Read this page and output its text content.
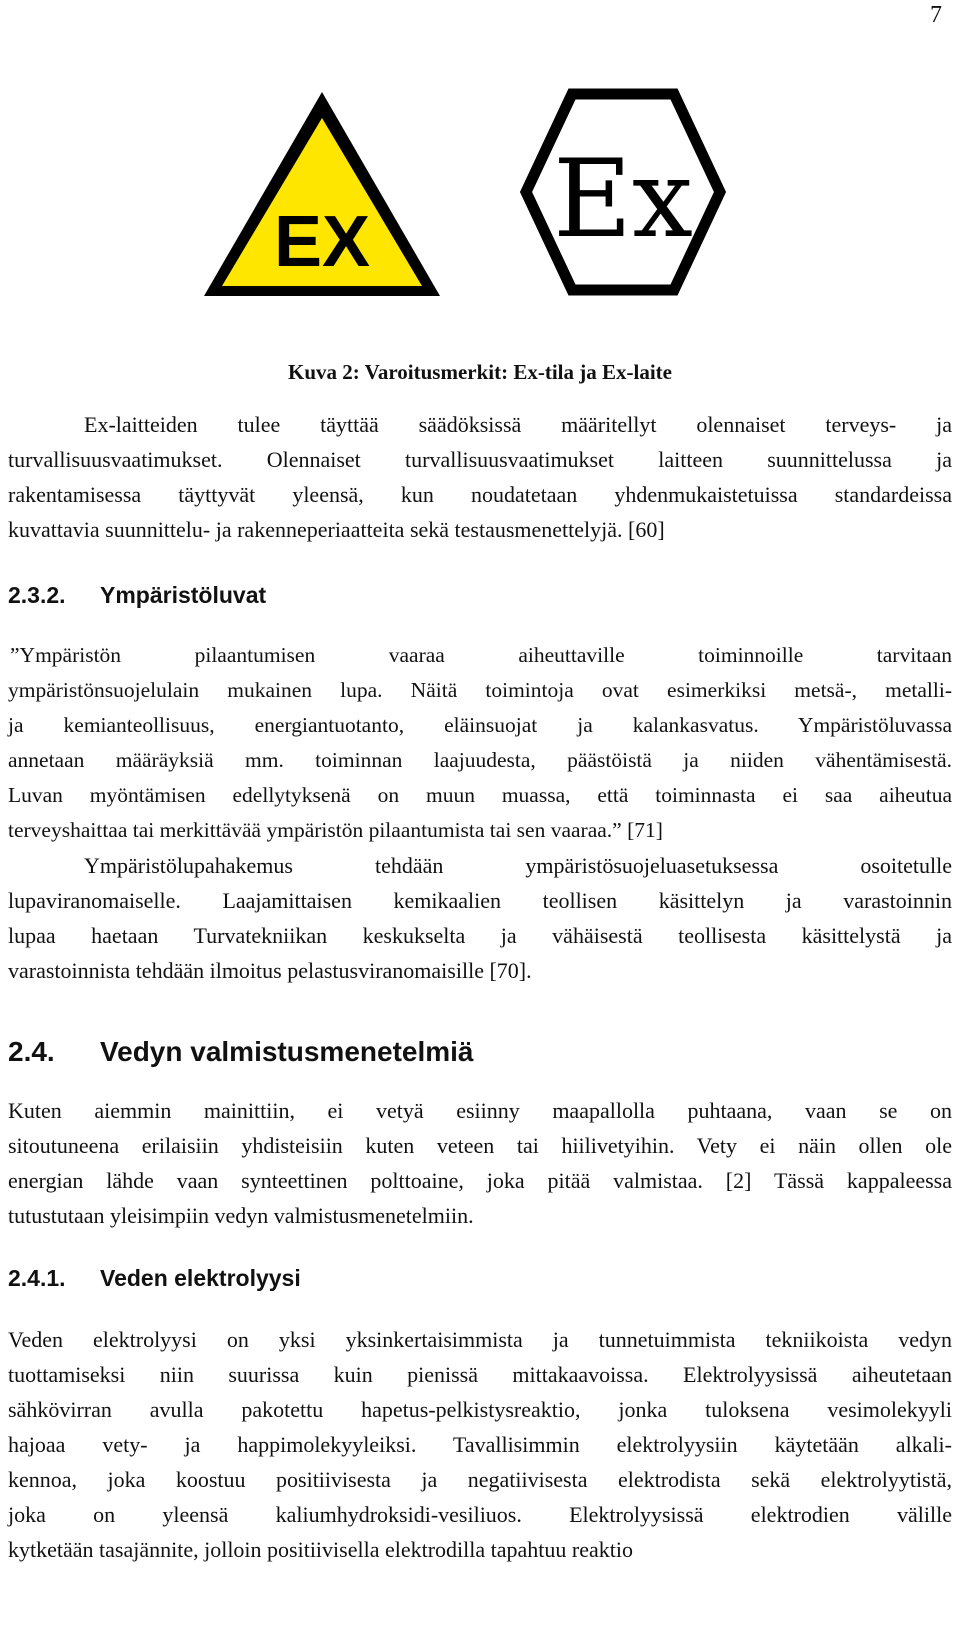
7
EX Ex
Kuva 2: Varoitusmerkit: Ex-tila ja Ex-laite
Ex-laitteiden tulee täyttää säädöksissä määritellyt olennaiset terveys- ja
turvallisuusvaatimukset. Olennaiset turvallisuusvaatimukset laitteen suunnittelussa ja
rakentamisessa täyttyvät yleensä, kun noudatetaan yhdenmukaistetuissa standardeissa
kuvattavia suunnittelu- ja rakenneperiaatteita sekä testausmenettelyjä. [60]
2.3.2. Ympäristöluvat
”Ympäristön pilaantumisen vaaraa aiheuttaville toiminnoille tarvitaan
ympäristönsuojelulain mukainen lupa. Näitä toimintoja ovat esimerkiksi metsä-, metalli-
ja kemianteollisuus, energiantuotanto, eläinsuojat ja kalankasvatus. Ympäristöluvassa
annetaan määräyksiä mm. toiminnan laajuudesta, päästöistä ja niiden vähentämisestä.
Luvan myöntämisen edellytyksenä on muun muassa, että toiminnasta ei saa aiheutua
terveyshaittaa tai merkittävää ympäristön pilaantumista tai sen vaaraa.” [71]
Ympäristölupahakemus tehdään ympäristösuojeluasetuksessa osoitetulle
lupaviranomaiselle. Laajamittaisen kemikaalien teollisen käsittelyn ja varastoinnin
lupaa haetaan Turvatekniikan keskukselta ja vähäisestä teollisesta käsittelystä ja
varastoinnista tehdään ilmoitus pelastusviranomaisille [70].
2.4. Vedyn valmistusmenetelmiä
Kuten aiemmin mainittiin, ei vetyä esiinny maapallolla puhtaana, vaan se on
sitoutuneena erilaisiin yhdisteisiin kuten veteen tai hiilivetyihin. Vety ei näin ollen ole
energian lähde vaan synteettinen polttoaine, joka pitää valmistaa. [2] Tässä kappaleessa
tutustutaan yleisimpiin vedyn valmistusmenetelmiin.
2.4.1. Veden elektrolyysi
Veden elektrolyysi on yksi yksinkertaisimmista ja tunnetuimmista tekniikoista vedyn
tuottamiseksi niin suurissa kuin pienissä mittakaavoissa. Elektrolyysissä aiheutetaan
sähkövirran avulla pakotettu hapetus-pelkistysreaktio, jonka tuloksena vesimolekyyli
hajoaa vety- ja happimolekyyleiksi. Tavallisimmin elektrolyysiin käytetään alkali-
kennoa, joka koostuu positiivisesta ja negatiivisesta elektrodista sekä elektrolyytistä,
joka on yleensä kaliumhydroksidi-vesiliuos. Elektrolyysissä elektrodien välille
kytketään tasajännite, jolloin positiivisella elektrodilla tapahtuu reaktio
